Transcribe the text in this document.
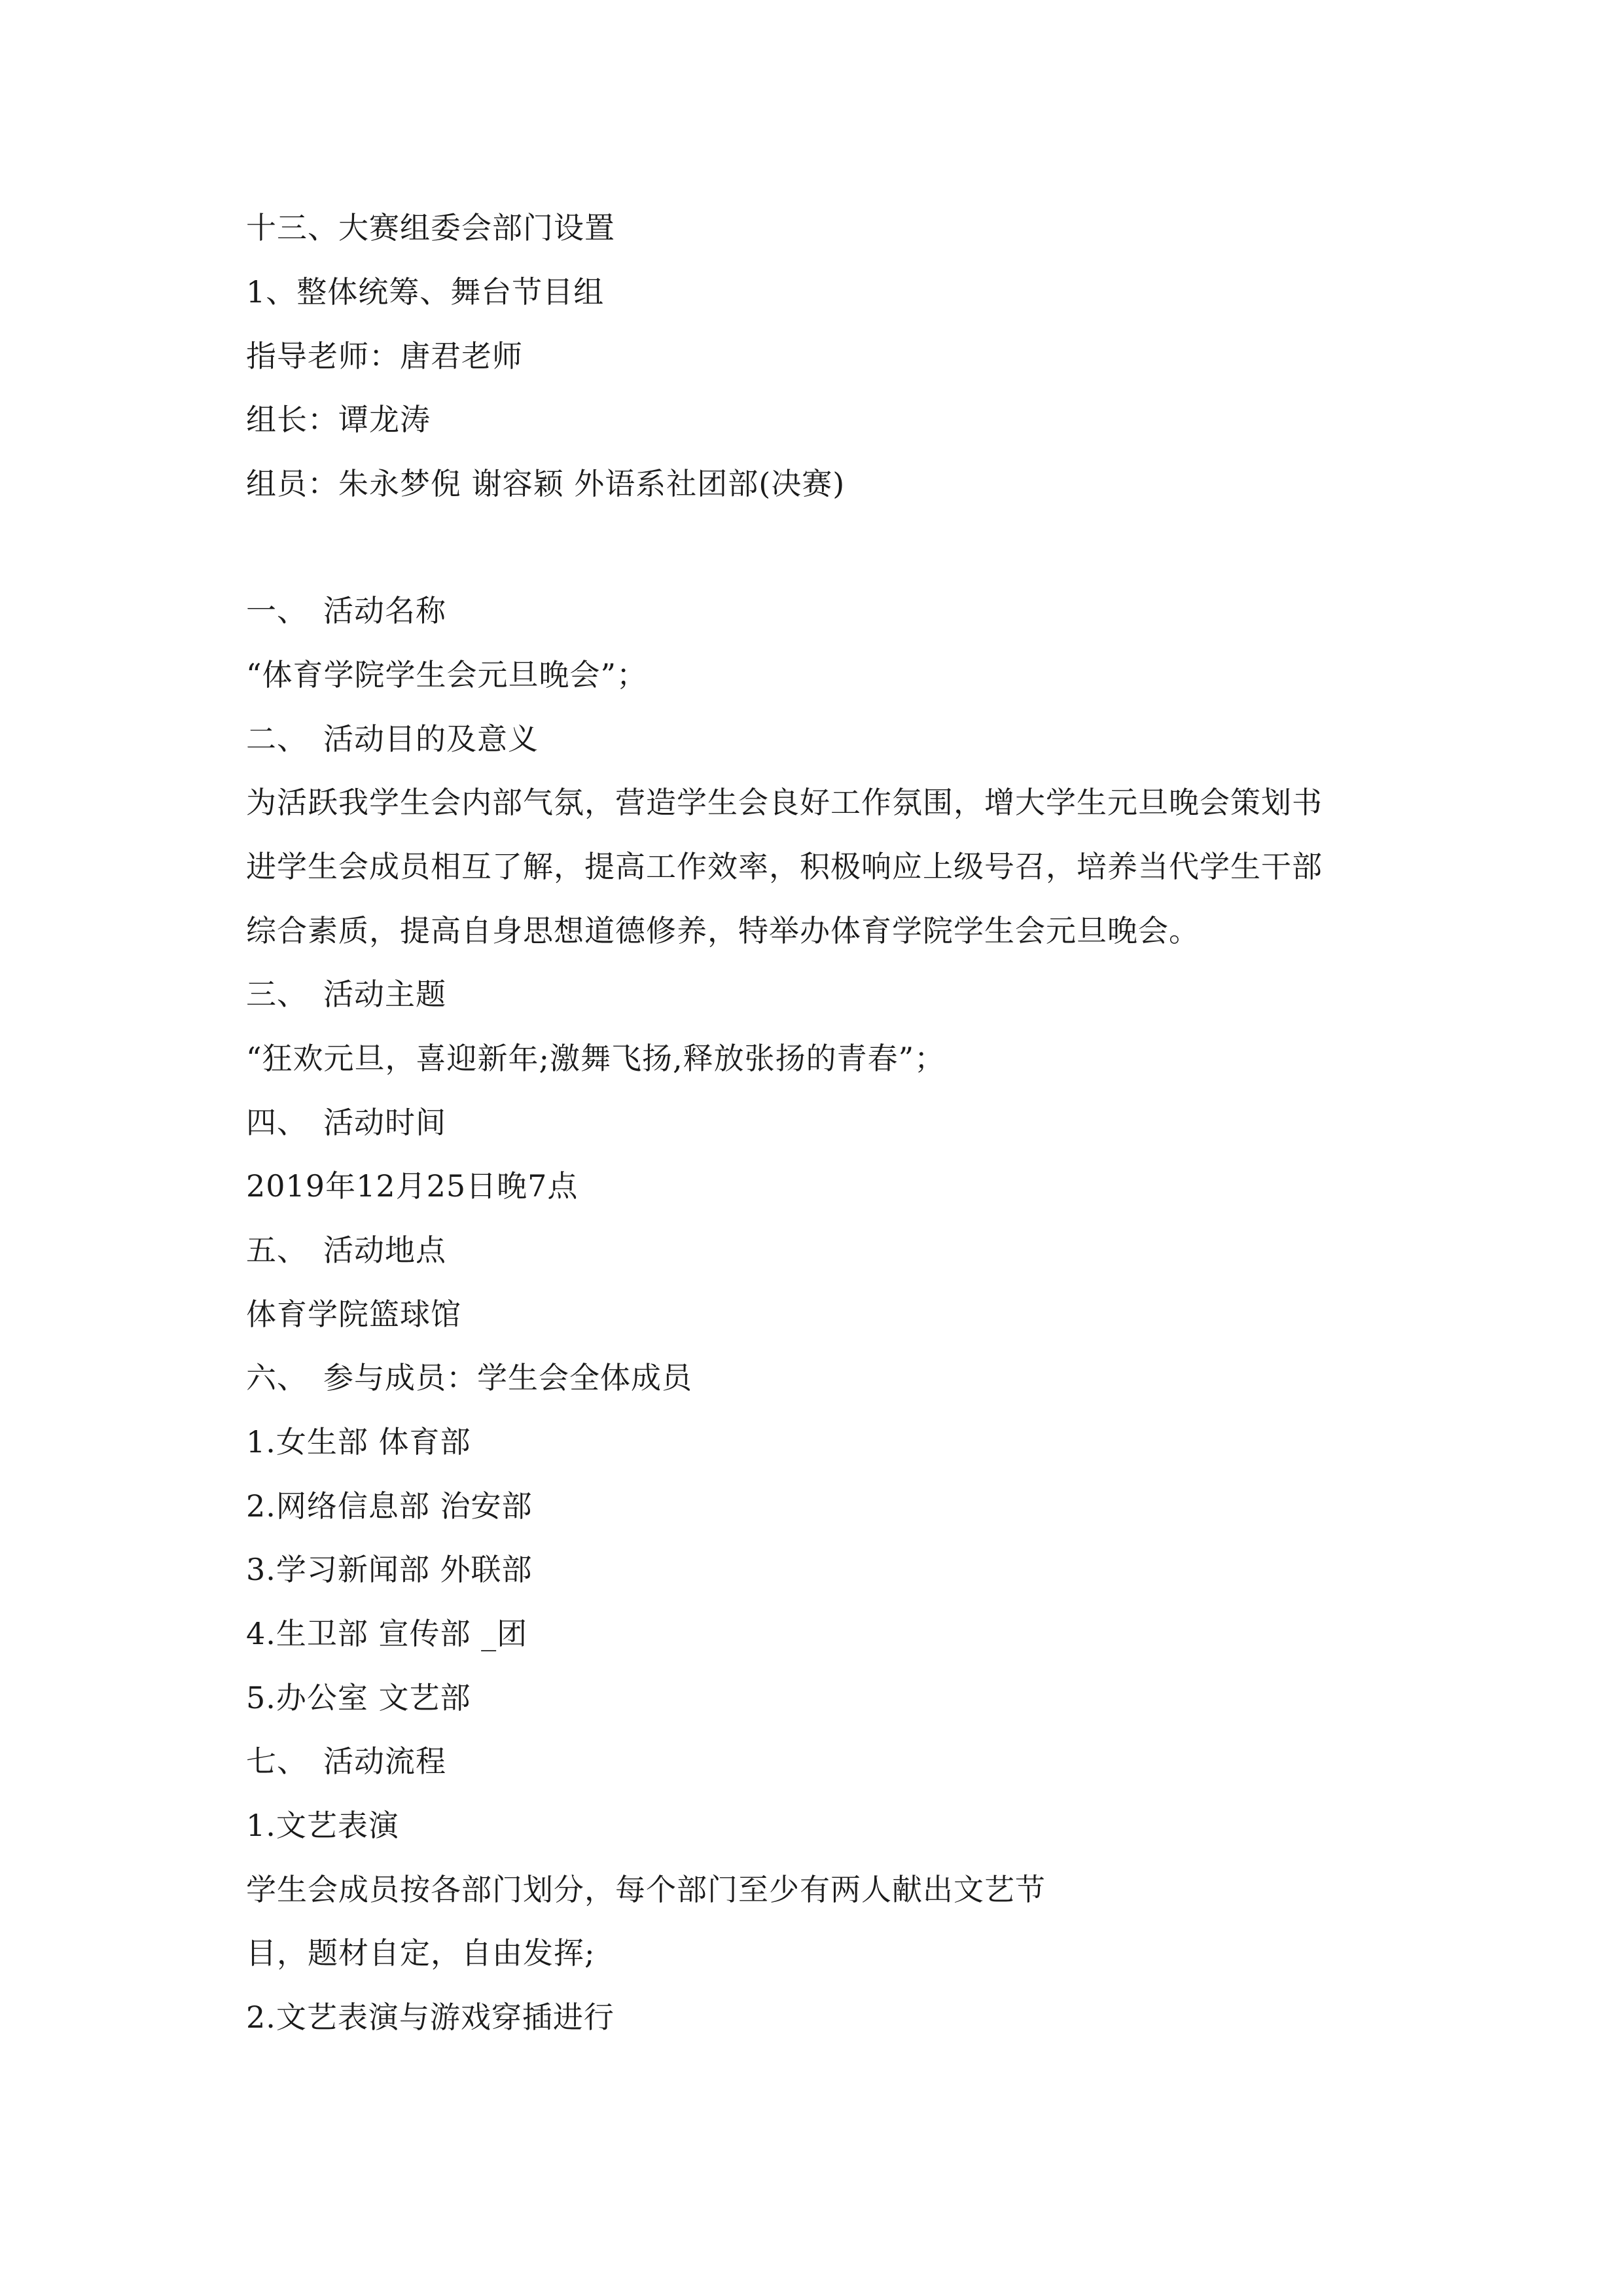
十三、大赛组委会部门设置
1、整体统筹、舞台节目组
指导老师：唐君老师
组长：谭龙涛
组员：朱永梦倪 谢容颖 外语系社团部(决赛)
一、　活动名称
“体育学院学生会元旦晚会”；
二、　活动目的及意义
为活跃我学生会内部气氛，营造学生会良好工作氛围，增大学生元旦晚会策划书
进学生会成员相互了解，提高工作效率，积极响应上级号召，培养当代学生干部
综合素质，提高自身思想道德修养，特举办体育学院学生会元旦晚会。
三、　活动主题
“狂欢元旦，喜迎新年;激舞飞扬,释放张扬的青春”；
四、　活动时间
2019年12月25日晚7点
五、　活动地点
体育学院篮球馆
六、　参与成员：学生会全体成员
1.女生部 体育部
2.网络信息部 治安部
3.学习新闻部 外联部
4.生卫部 宣传部 _团
5.办公室 文艺部
七、　活动流程
1.文艺表演
学生会成员按各部门划分，每个部门至少有两人献出文艺节
目，题材自定，自由发挥;
2.文艺表演与游戏穿插进行
